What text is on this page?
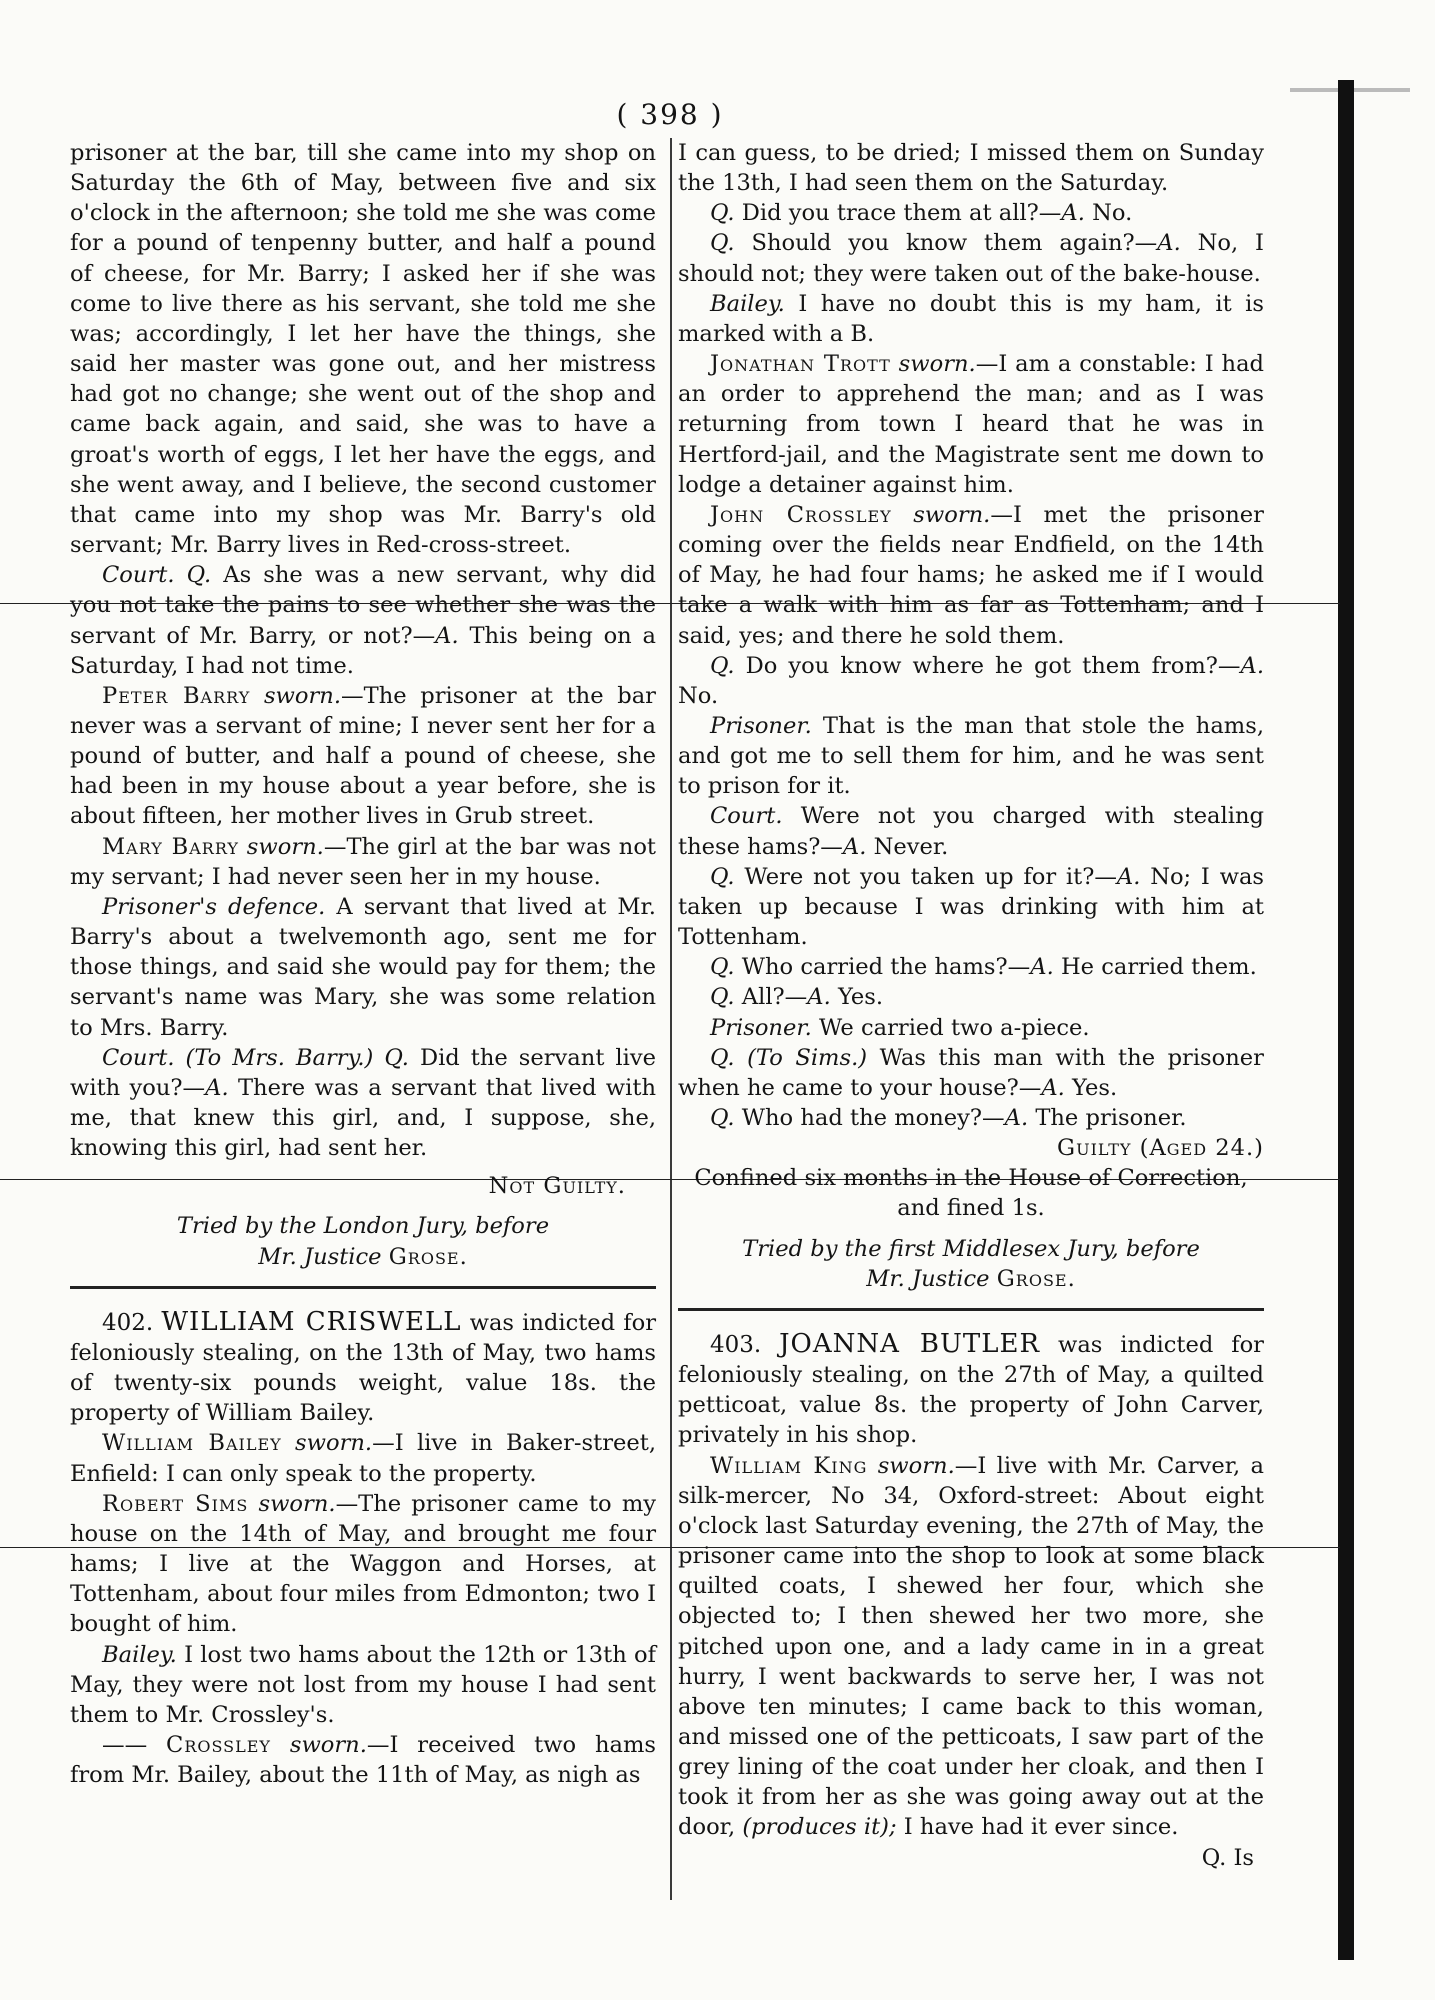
( 398 )

prisoner at the bar, till she came into my shop on Saturday the 6th of May, between five and six o'clock in the afternoon; she told me she was come for a pound of tenpenny butter, and half a pound of cheese, for Mr. Barry; I asked her if she was come to live there as his servant, she told me she was; accordingly, I let her have the things, she said her master was gone out, and her mistress had got no change; she went out of the shop and came back again, and said, she was to have a groat's worth of eggs, I let her have the eggs, and she went away, and I believe, the second customer that came into my shop was Mr. Barry's old servant; Mr. Barry lives in Red-cross-street.

Court. Q. As she was a new servant, why did you not take the pains to see whether she was the servant of Mr. Barry, or not?—A. This being on a Saturday, I had not time.

Peter Barry sworn.—The prisoner at the bar never was a servant of mine; I never sent her for a pound of butter, and half a pound of cheese, she had been in my house about a year before, she is about fifteen, her mother lives in Grub street.

Mary Barry sworn.—The girl at the bar was not my servant; I had never seen her in my house.

Prisoner's defence. A servant that lived at Mr. Barry's about a twelvemonth ago, sent me for those things, and said she would pay for them; the servant's name was Mary, she was some relation to Mrs. Barry.

Court. (To Mrs. Barry.) Q. Did the servant live with you?—A. There was a servant that lived with me, that knew this girl, and, I suppose, she, knowing this girl, had sent her.

Not Guilty.

Tried by the London Jury, before
Mr. Justice Grose.

402. WILLIAM CRISWELL was indicted for feloniously stealing, on the 13th of May, two hams of twenty-six pounds weight, value 18s. the property of William Bailey.

William Bailey sworn.—I live in Baker-street, Enfield: I can only speak to the property.

Robert Sims sworn.—The prisoner came to my house on the 14th of May, and brought me four hams; I live at the Waggon and Horses, at Tottenham, about four miles from Edmonton; two I bought of him.

Bailey. I lost two hams about the 12th or 13th of May, they were not lost from my house I had sent them to Mr. Crossley's.

—— Crossley sworn.—I received two hams from Mr. Bailey, about the 11th of May, as nigh as

I can guess, to be dried; I missed them on Sunday the 13th, I had seen them on the Saturday.

Q. Did you trace them at all?—A. No.

Q. Should you know them again?—A. No, I should not; they were taken out of the bake-house.

Bailey. I have no doubt this is my ham, it is marked with a B.

Jonathan Trott sworn.—I am a constable: I had an order to apprehend the man; and as I was returning from town I heard that he was in Hertford-jail, and the Magistrate sent me down to lodge a detainer against him.

John Crossley sworn.—I met the prisoner coming over the fields near Endfield, on the 14th of May, he had four hams; he asked me if I would take a walk with him as far as Tottenham; and I said, yes; and there he sold them.

Q. Do you know where he got them from?—A. No.

Prisoner. That is the man that stole the hams, and got me to sell them for him, and he was sent to prison for it.

Court. Were not you charged with stealing these hams?—A. Never.

Q. Were not you taken up for it?—A. No; I was taken up because I was drinking with him at Tottenham.

Q. Who carried the hams?—A. He carried them.

Q. All?—A. Yes.

Prisoner. We carried two a-piece.

Q. (To Sims.) Was this man with the prisoner when he came to your house?—A. Yes.

Q. Who had the money?—A. The prisoner.

Guilty (Aged 24.)

Confined six months in the House of Correction,
and fined 1s.

Tried by the first Middlesex Jury, before
Mr. Justice Grose.

403. JOANNA BUTLER was indicted for feloniously stealing, on the 27th of May, a quilted petticoat, value 8s. the property of John Carver, privately in his shop.

William King sworn.—I live with Mr. Carver, a silk-mercer, No 34, Oxford-street: About eight o'clock last Saturday evening, the 27th of May, the prisoner came into the shop to look at some black quilted coats, I shewed her four, which she objected to; I then shewed her two more, she pitched upon one, and a lady came in in a great hurry, I went backwards to serve her, I was not above ten minutes; I came back to this woman, and missed one of the petticoats, I saw part of the grey lining of the coat under her cloak, and then I took it from her as she was going away out at the door, (produces it); I have had it ever since.

Q. Is
